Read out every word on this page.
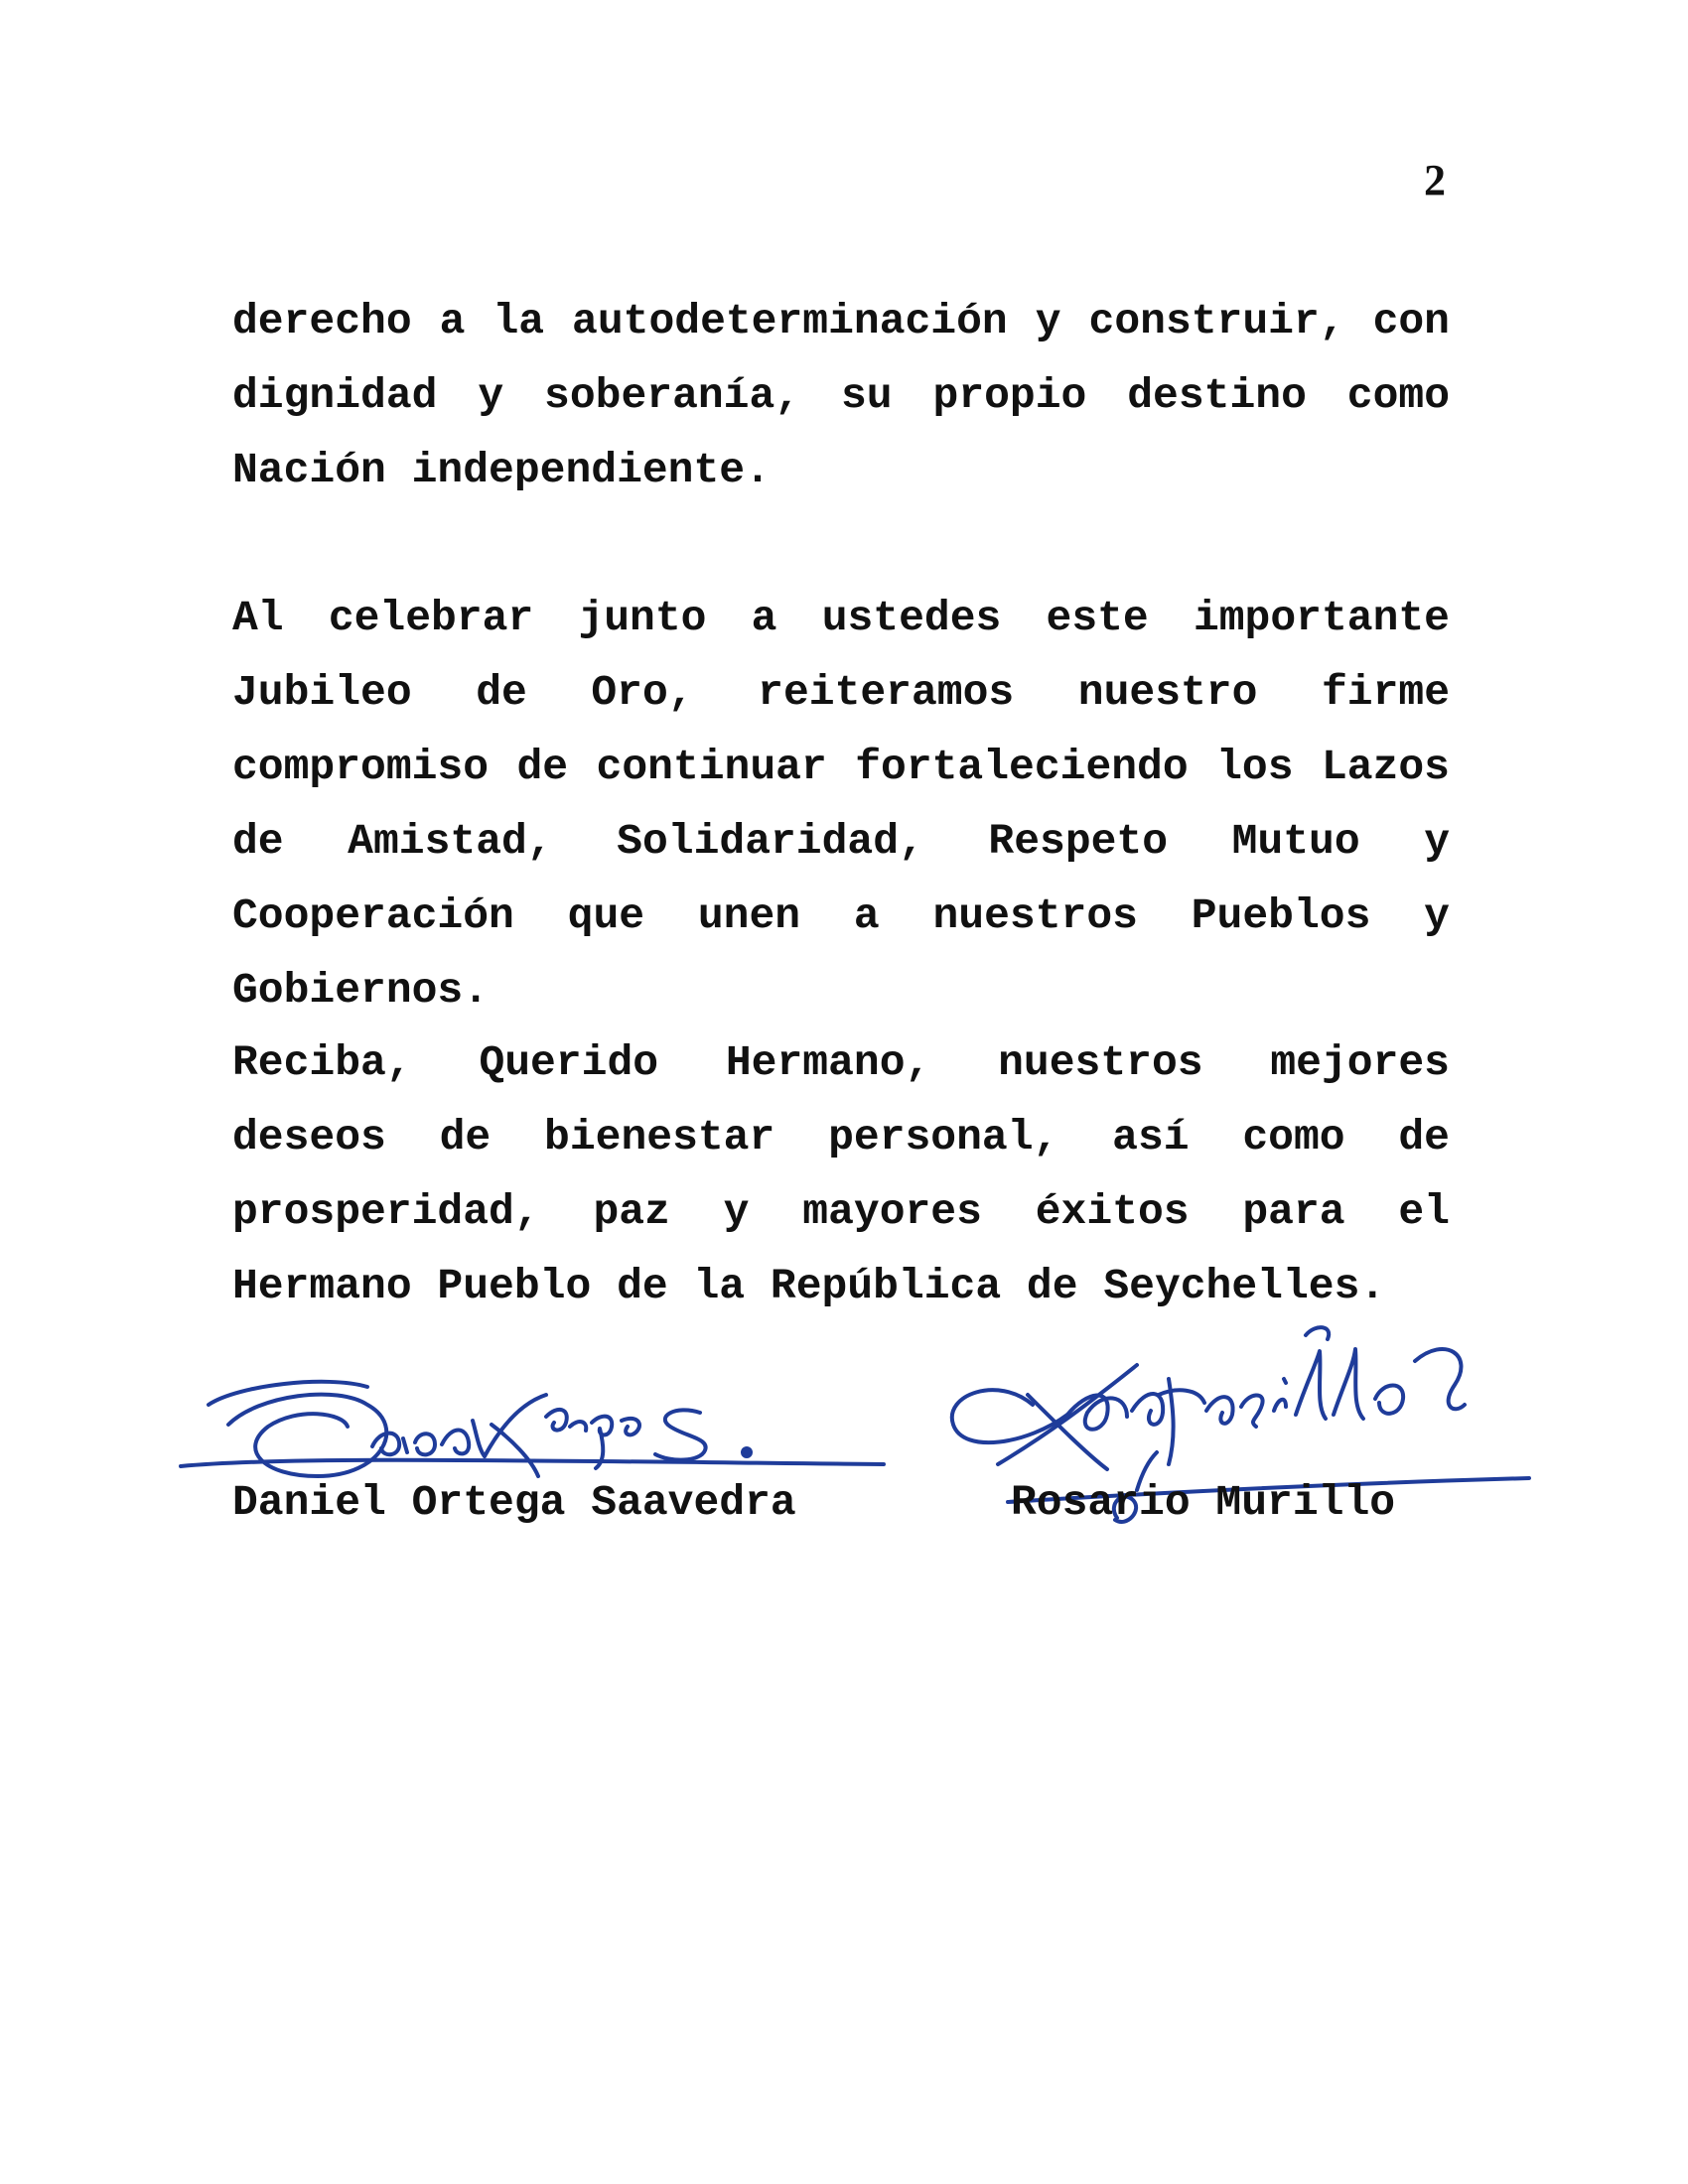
2

derecho a la autodeterminación y construir, con dignidad y soberanía, su propio destino como Nación independiente.

Al celebrar junto a ustedes este importante Jubileo de Oro, reiteramos nuestro firme compromiso de continuar fortaleciendo los Lazos de Amistad, Solidaridad, Respeto Mutuo y Cooperación que unen a nuestros Pueblos y Gobiernos.

Reciba, Querido Hermano, nuestros mejores deseos de bienestar personal, así como de prosperidad, paz y mayores éxitos para el Hermano Pueblo de la República de Seychelles.

Daniel Ortega Saavedra	Rosario Murillo
